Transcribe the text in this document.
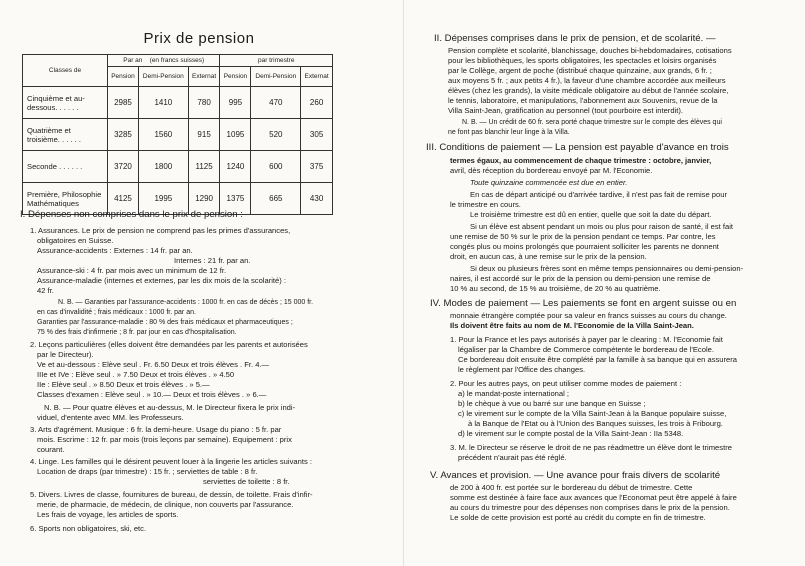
Prix de pension
Classes de	Par an (en francs suisses)			par trimestre		
	Pension	Demi-Pension	Externat	Pension	Demi-Pension	Externat
Cinquième et au-dessous. . . . . .	2985	1410	780	995	470	260
Quatrième et troisième. . . . . .	3285	1560	915	1095	520	305
Seconde . . . . . .	3720	1800	1125	1240	600	375
Première, Philosophie Mathématiques	4125	1995	1290	1375	665	430
I. Dépenses non comprises dans le prix de pension :
1. Assurances. Le prix de pension ne comprend pas les primes d'assurances,
obligatoires en Suisse.
Assurance-accidents : Externes : 14 fr. par an.
Internes : 21 fr. par an.
Assurance-ski : 4 fr. par mois avec un minimum de 12 fr.
Assurance-maladie (internes et externes, par les dix mois de la scolarité) :
42 fr.
N. B. — Garanties par l'assurance-accidents : 1000 fr. en cas de décès ; 15 000 fr.
en cas d'invalidité ; frais médicaux : 1000 fr. par an.
Garanties par l'assurance-maladie : 80 % des frais médicaux et pharmaceutiques ;
75 % des frais d'infirmerie ; 8 fr. par jour en cas d'hospitalisation.
2. Leçons particulières (elles doivent être demandées par les parents et autorisées
par le Directeur).
Ve et au-dessous : Elève seul . Fr. 6.50 Deux et trois élèves . Fr. 4.—
IIIe et IVe : Elève seul . » 7.50 Deux et trois élèves . » 4.50
IIe : Elève seul . » 8.50 Deux et trois élèves . » 5.—
Classes d'examen : Elève seul . » 10.— Deux et trois élèves . » 6.—
N. B. — Pour quatre élèves et au-dessus, M. le Directeur fixera le prix indi-
viduel, d'entente avec MM. les Professeurs.
3. Arts d'agrément. Musique : 6 fr. la demi-heure. Usage du piano : 5 fr. par
mois. Escrime : 12 fr. par mois (trois leçons par semaine). Equipement : prix
courant.
4. Linge. Les familles qui le désirent peuvent louer à la lingerie les articles suivants :
Location de draps (par trimestre) : 15 fr. ; serviettes de table : 8 fr.
serviettes de toilette : 8 fr.
5. Divers. Livres de classe, fournitures de bureau, de dessin, de toilette. Frais d'infir-
merie, de pharmacie, de médecin, de clinique, non couverts par l'assurance.
Les frais de voyage, les articles de sports.
6. Sports non obligatoires, ski, etc.
II. Dépenses comprises dans le prix de pension, et de scolarité. —
Pension complète et scolarité, blanchissage, douches bi-hebdomadaires, cotisations
pour les bibliothèques, les sports obligatoires, les spectacles et loisirs organisés
par le Collège, argent de poche (distribué chaque quinzaine, aux grands, 6 fr. ;
aux moyens 5 fr. ; aux petits 4 fr.), la faveur d'une chambre accordée aux meilleurs
élèves (chez les grands), la visite médicale obligatoire au début de l'année scolaire,
le tennis, laboratoire, et manipulations, l'abonnement aux Souvenirs, revue de la
Villa Saint-Jean, gratification au personnel (tout pourboire est interdit).
N. B. — Un crédit de 60 fr. sera porté chaque trimestre sur le compte des élèves qui
ne font pas blanchir leur linge à la Villa.
III. Conditions de paiement — La pension est payable d'avance en trois
termes égaux, au commencement de chaque trimestre : octobre, janvier,
avril, dès réception du bordereau envoyé par M. l'Economie.
Toute quinzaine commencée est due en entier.
En cas de départ anticipé ou d'arrivée tardive, il n'est pas fait de remise pour
le trimestre en cours.
Le troisième trimestre est dû en entier, quelle que soit la date du départ.
Si un élève est absent pendant un mois ou plus pour raison de santé, il est fait
une remise de 50 % sur le prix de la pension pendant ce temps. Par contre, les
congés plus ou moins prolongés que pourraient solliciter les parents ne donnent
droit, en aucun cas, à une remise sur le prix de la pension.
Si deux ou plusieurs frères sont en même temps pensionnaires ou demi-pension-
naires, il est accordé sur le prix de la pension ou demi-pension une remise de
10 % au second, de 15 % au troisième, de 20 % au quatrième.
IV. Modes de paiement — Les paiements se font en argent suisse ou en
monnaie étrangère comptée pour sa valeur en francs suisses au cours du change.
Ils doivent être faits au nom de M. l'Economie de la Villa Saint-Jean.
1. Pour la France et les pays autorisés à payer par le clearing : M. l'Economie fait
légaliser par la Chambre de Commerce compétente le bordereau de l'Ecole.
Ce bordereau doit ensuite être complété par la famille à sa banque qui en assurera
le règlement par l'Office des changes.
2. Pour les autres pays, on peut utiliser comme modes de paiement :
a) le mandat-poste international ;
b) le chèque à vue ou barré sur une banque en Suisse ;
c) le virement sur le compte de la Villa Saint-Jean à la Banque populaire suisse,
à la Banque de l'Etat ou à l'Union des Banques suisses, les trois à Fribourg.
d) le virement sur le compte postal de la Villa Saint-Jean : IIa 5348.
3. M. le Directeur se réserve le droit de ne pas réadmettre un élève dont le trimestre
précédent n'aurait pas été réglé.
V. Avances et provision. — Une avance pour frais divers de scolarité
de 200 à 400 fr. est portée sur le bordereau du début de trimestre. Cette
somme est destinée à faire face aux avances que l'Economat peut être appelé à faire
au cours du trimestre pour des dépenses non comprises dans le prix de la pension.
Le solde de cette provision est porté au crédit du compte en fin de trimestre.
